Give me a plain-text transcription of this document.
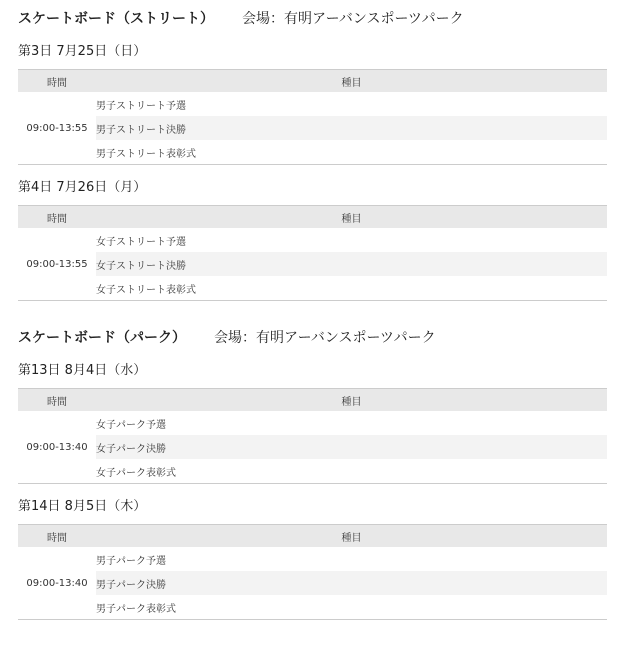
スケートボード（ストリート） 会場：有明アーバンスポーツパーク
第3日 7月25日（日）
時間	種目
09:00-13:55	男子ストリート予選
	男子ストリート決勝
	男子ストリート表彰式
第4日 7月26日（月）
時間	種目
09:00-13:55	女子ストリート予選
	女子ストリート決勝
	女子ストリート表彰式
スケートボード（パーク） 会場：有明アーバンスポーツパーク
第13日 8月4日（水）
時間	種目
09:00-13:40	女子パーク予選
	女子パーク決勝
	女子パーク表彰式
第14日 8月5日（木）
時間	種目
09:00-13:40	男子パーク予選
	男子パーク決勝
	男子パーク表彰式
